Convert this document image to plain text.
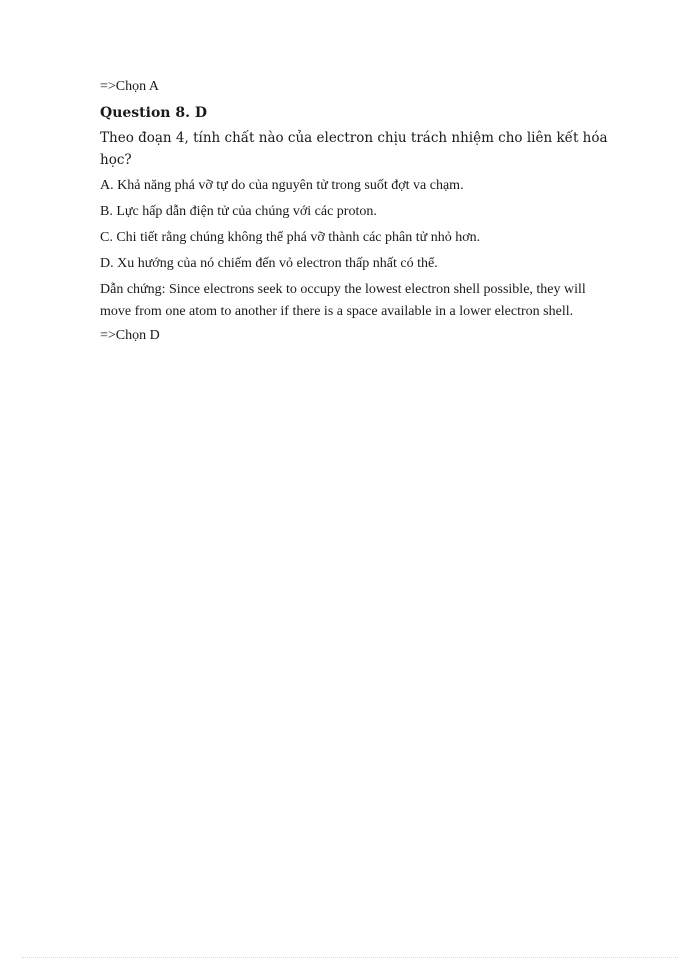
=>Chọn A

Question 8. D

Theo đoạn 4, tính chất nào của electron chịu trách nhiệm cho liên kết hóa học?

A. Khả năng phá vỡ tự do của nguyên tử trong suốt đợt va chạm.

B. Lực hấp dẫn điện tử của chúng với các proton.

C. Chi tiết rằng chúng không thể phá vỡ thành các phân tử nhỏ hơn.

D. Xu hướng của nó chiếm đến vỏ electron thấp nhất có thể.

Dẫn chứng: Since electrons seek to occupy the lowest electron shell possible, they will move from one atom to another if there is a space available in a lower electron shell.

=>Chọn D
